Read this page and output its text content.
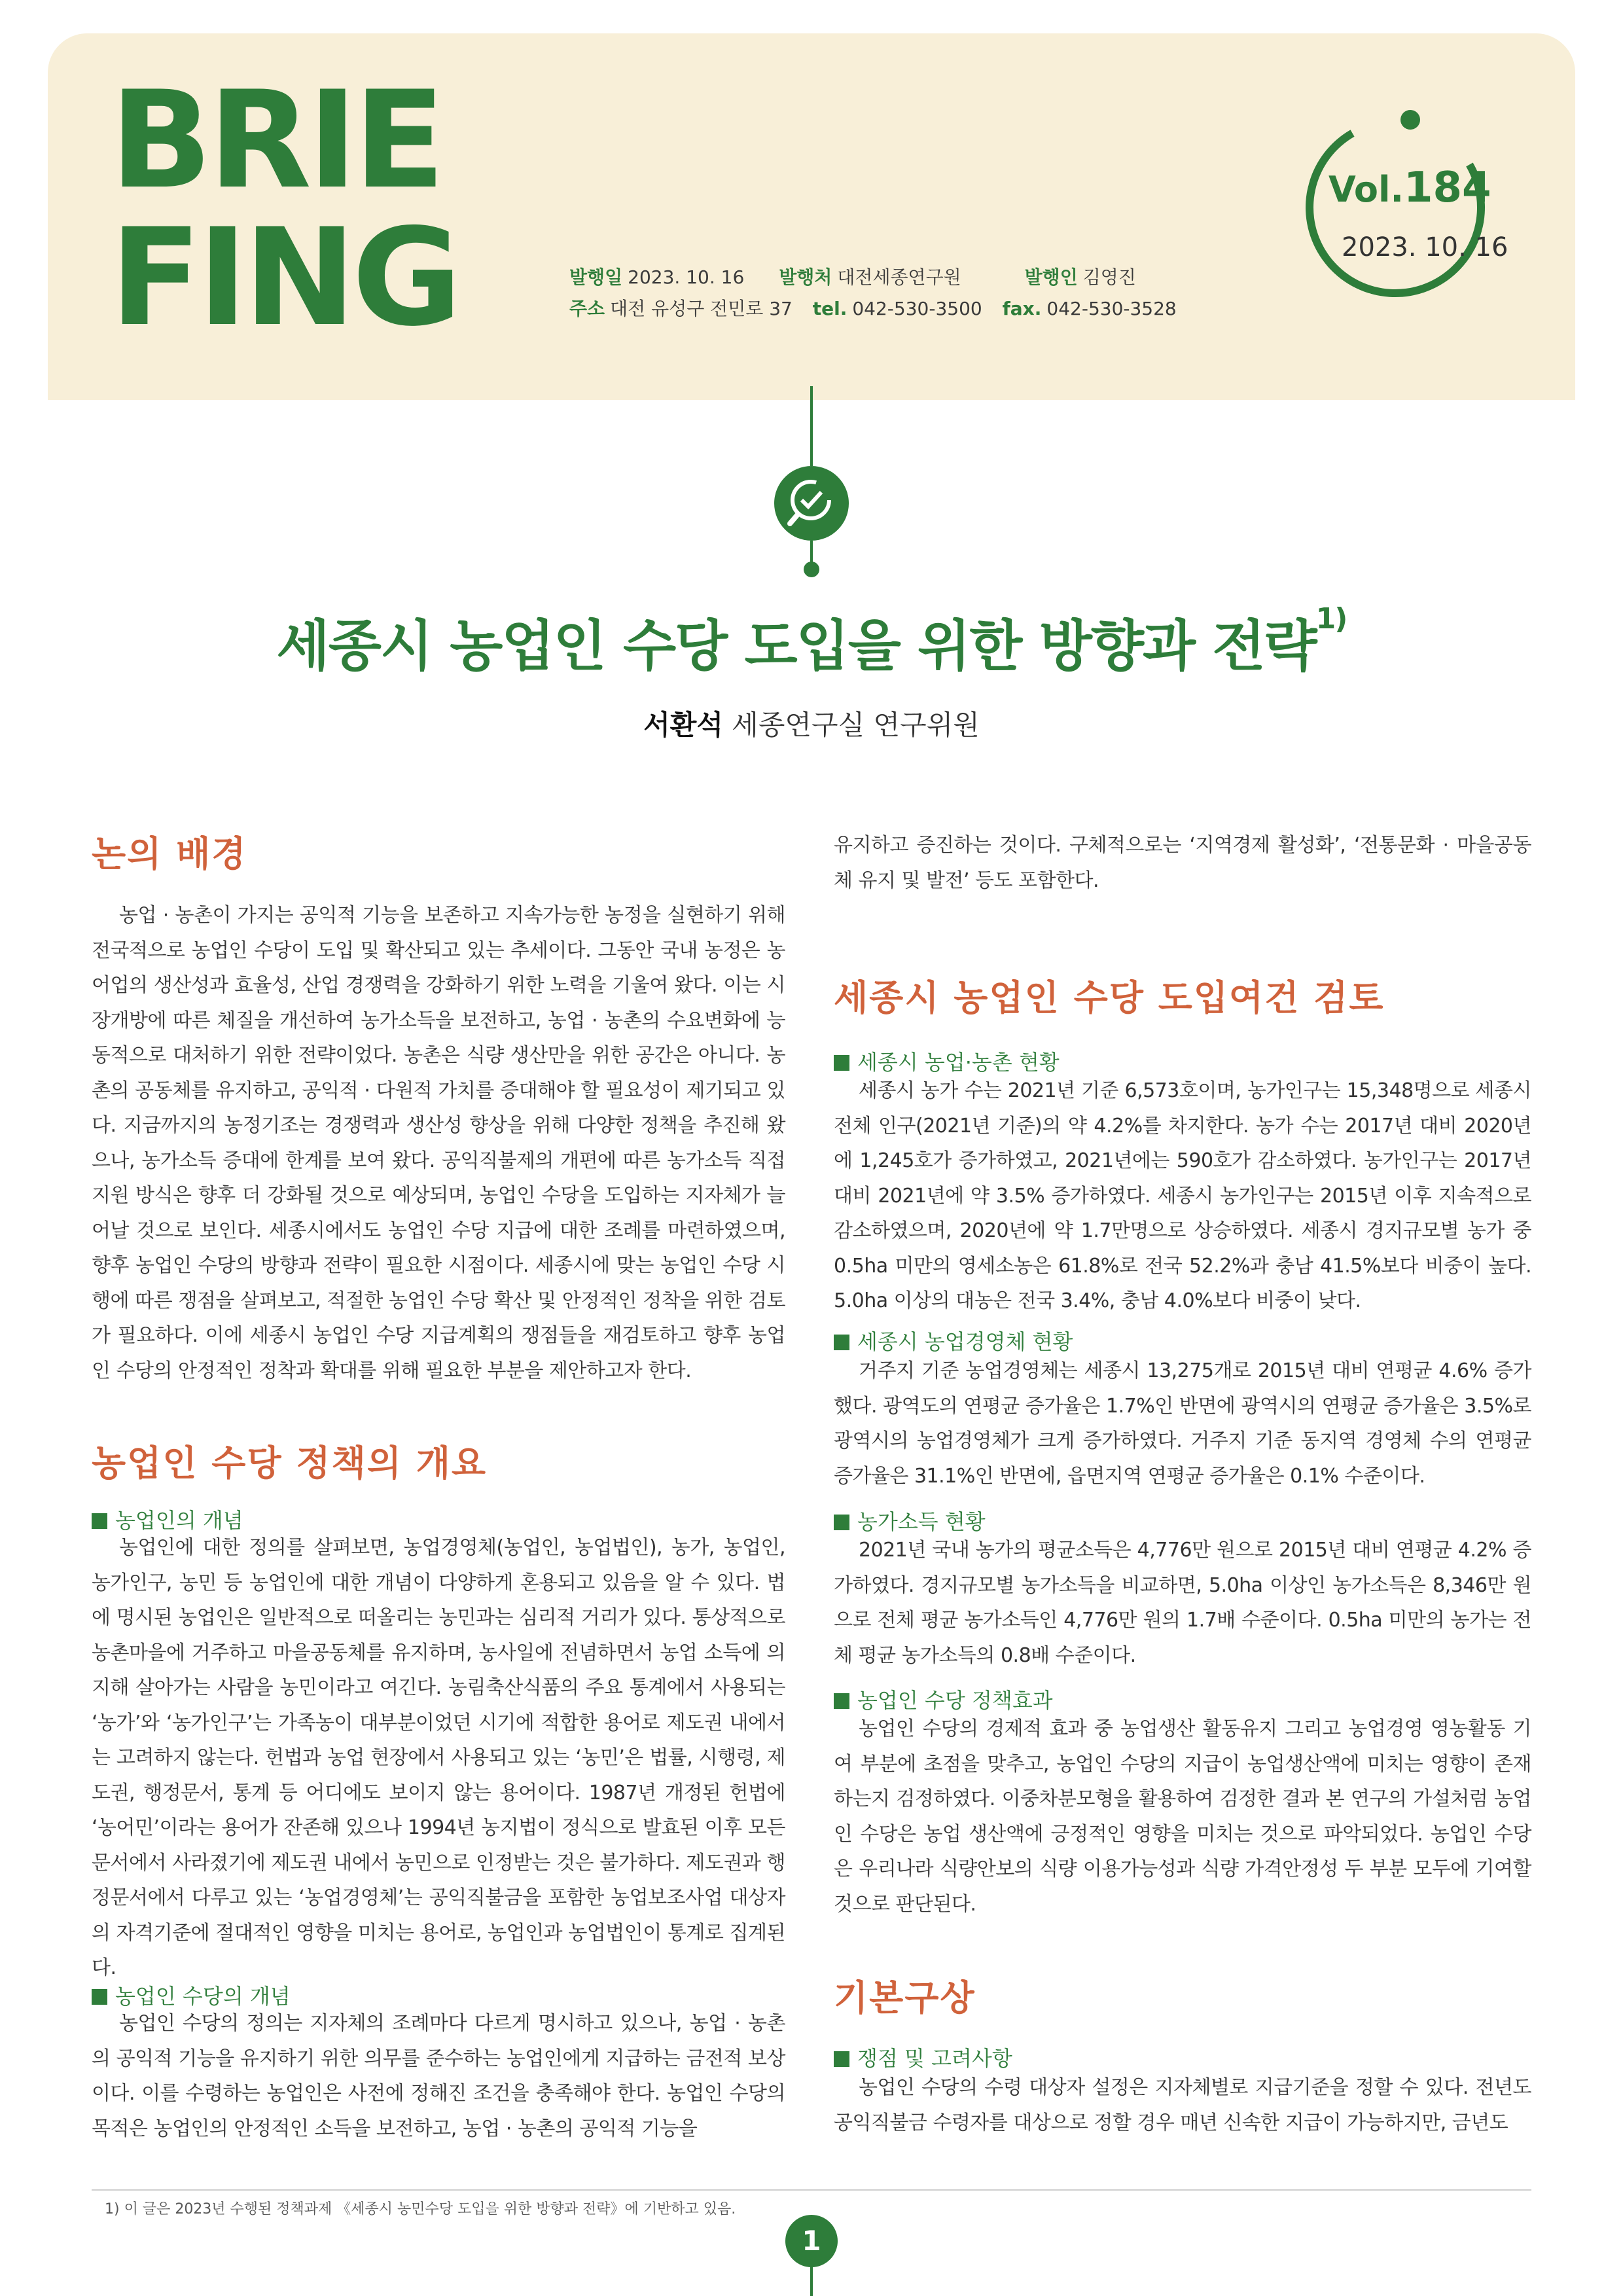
BRIE
FING	발행일 2023. 10. 16 발행처 대전세종연구원	발행인 김영진
주소 대전 유성구 전민로 37 tel. 042-530-3500 fax. 042-530-3528
Vol.184
2023. 10. 16
세종시 농업인 수당 도입을 위한 방향과 전략$^{1)}$
서환석 세종연구실 연구위원
논의 배경
농업 · 농촌이 가지는 공익적 기능을 보존하고 지속가능한 농정을 실현하기 위해 전국적으로 농업인 수당이 도입 및 확산되고 있는 추세이다. 그동안 국내 농정은 농어업의 생산성과 효율성, 산업 경쟁력을 강화하기 위한 노력을 기울여 왔다. 이는 시장개방에 따른 체질을 개선하여 농가소득을 보전하고, 농업 · 농촌의 수요변화에 능동적으로 대처하기 위한 전략이었다. 농촌은 식량 생산만을 위한 공간은 아니다. 농촌의 공동체를 유지하고, 공익적 · 다원적 가치를 증대해야 할 필요성이 제기되고 있다. 지금까지의 농정기조는 경쟁력과 생산성 향상을 위해 다양한 정책을 추진해 왔으나, 농가소득 증대에 한계를 보여 왔다. 공익직불제의 개편에 따른 농가소득 직접지원 방식은 향후 더 강화될 것으로 예상되며, 농업인 수당을 도입하는 지자체가 늘어날 것으로 보인다. 세종시에서도 농업인 수당 지급에 대한 조례를 마련하였으며, 향후 농업인 수당의 방향과 전략이 필요한 시점이다. 세종시에 맞는 농업인 수당 시행에 따른 쟁점을 살펴보고, 적절한 농업인 수당 확산 및 안정적인 정착을 위한 검토가 필요하다. 이에 세종시 농업인 수당 지급계획의 쟁점들을 재검토하고 향후 농업인 수당의 안정적인 정착과 확대를 위해 필요한 부분을 제안하고자 한다.
농업인 수당 정책의 개요
농업인의 개념
농업인에 대한 정의를 살펴보면, 농업경영체(농업인, 농업법인), 농가, 농업인, 농가인구, 농민 등 농업인에 대한 개념이 다양하게 혼용되고 있음을 알 수 있다. 법에 명시된 농업인은 일반적으로 떠올리는 농민과는 심리적 거리가 있다. 통상적으로 농촌마을에 거주하고 마을공동체를 유지하며, 농사일에 전념하면서 농업 소득에 의지해 살아가는 사람을 농민이라고 여긴다. 농림축산식품의 주요 통계에서 사용되는 ‘농가’와 ‘농가인구’는 가족농이 대부분이었던 시기에 적합한 용어로 제도권 내에서는 고려하지 않는다. 헌법과 농업 현장에서 사용되고 있는 ‘농민’은 법률, 시행령, 제도권, 행정문서, 통계 등 어디에도 보이지 않는 용어이다. 1987년 개정된 헌법에 ‘농어민’이라는 용어가 잔존해 있으나 1994년 농지법이 정식으로 발효된 이후 모든 문서에서 사라졌기에 제도권 내에서 농민으로 인정받는 것은 불가하다. 제도권과 행정문서에서 다루고 있는 ‘농업경영체’는 공익직불금을 포함한 농업보조사업 대상자의 자격기준에 절대적인 영향을 미치는 용어로, 농업인과 농업법인이 통계로 집계된다.
농업인 수당의 개념
농업인 수당의 정의는 지자체의 조례마다 다르게 명시하고 있으나, 농업 · 농촌의 공익적 기능을 유지하기 위한 의무를 준수하는 농업인에게 지급하는 금전적 보상이다. 이를 수령하는 농업인은 사전에 정해진 조건을 충족해야 한다. 농업인 수당의 목적은 농업인의 안정적인 소득을 보전하고, 농업 · 농촌의 공익적 기능을
유지하고 증진하는 것이다. 구체적으로는 ‘지역경제 활성화’, ‘전통문화 · 마을공동체 유지 및 발전’ 등도 포함한다.
세종시 농업인 수당 도입여건 검토
세종시 농업·농촌 현황
세종시 농가 수는 2021년 기준 6,573호이며, 농가인구는 15,348명으로 세종시 전체 인구(2021년 기준)의 약 4.2%를 차지한다. 농가 수는 2017년 대비 2020년에 1,245호가 증가하였고, 2021년에는 590호가 감소하였다. 농가인구는 2017년 대비 2021년에 약 3.5% 증가하였다. 세종시 농가인구는 2015년 이후 지속적으로 감소하였으며, 2020년에 약 1.7만명으로 상승하였다. 세종시 경지규모별 농가 중 0.5ha 미만의 영세소농은 61.8%로 전국 52.2%과 충남 41.5%보다 비중이 높다. 5.0ha 이상의 대농은 전국 3.4%, 충남 4.0%보다 비중이 낮다.
세종시 농업경영체 현황
거주지 기준 농업경영체는 세종시 13,275개로 2015년 대비 연평균 4.6% 증가했다. 광역도의 연평균 증가율은 1.7%인 반면에 광역시의 연평균 증가율은 3.5%로 광역시의 농업경영체가 크게 증가하였다. 거주지 기준 동지역 경영체 수의 연평균 증가율은 31.1%인 반면에, 읍면지역 연평균 증가율은 0.1% 수준이다.
농가소득 현황
2021년 국내 농가의 평균소득은 4,776만 원으로 2015년 대비 연평균 4.2% 증가하였다. 경지규모별 농가소득을 비교하면, 5.0ha 이상인 농가소득은 8,346만 원으로 전체 평균 농가소득인 4,776만 원의 1.7배 수준이다. 0.5ha 미만의 농가는 전체 평균 농가소득의 0.8배 수준이다.
농업인 수당 정책효과
농업인 수당의 경제적 효과 중 농업생산 활동유지 그리고 농업경영 영농활동 기여 부분에 초점을 맞추고, 농업인 수당의 지급이 농업생산액에 미치는 영향이 존재하는지 검정하였다. 이중차분모형을 활용하여 검정한 결과 본 연구의 가설처럼 농업인 수당은 농업 생산액에 긍정적인 영향을 미치는 것으로 파악되었다. 농업인 수당은 우리나라 식량안보의 식량 이용가능성과 식량 가격안정성 두 부분 모두에 기여할 것으로 판단된다.
기본구상
쟁점 및 고려사항
농업인 수당의 수령 대상자 설정은 지자체별로 지급기준을 정할 수 있다. 전년도 공익직불금 수령자를 대상으로 정할 경우 매년 신속한 지급이 가능하지만, 금년도
1) 이 글은 2023년 수행된 정책과제 《세종시 농민수당 도입을 위한 방향과 전략》에 기반하고 있음.
1
